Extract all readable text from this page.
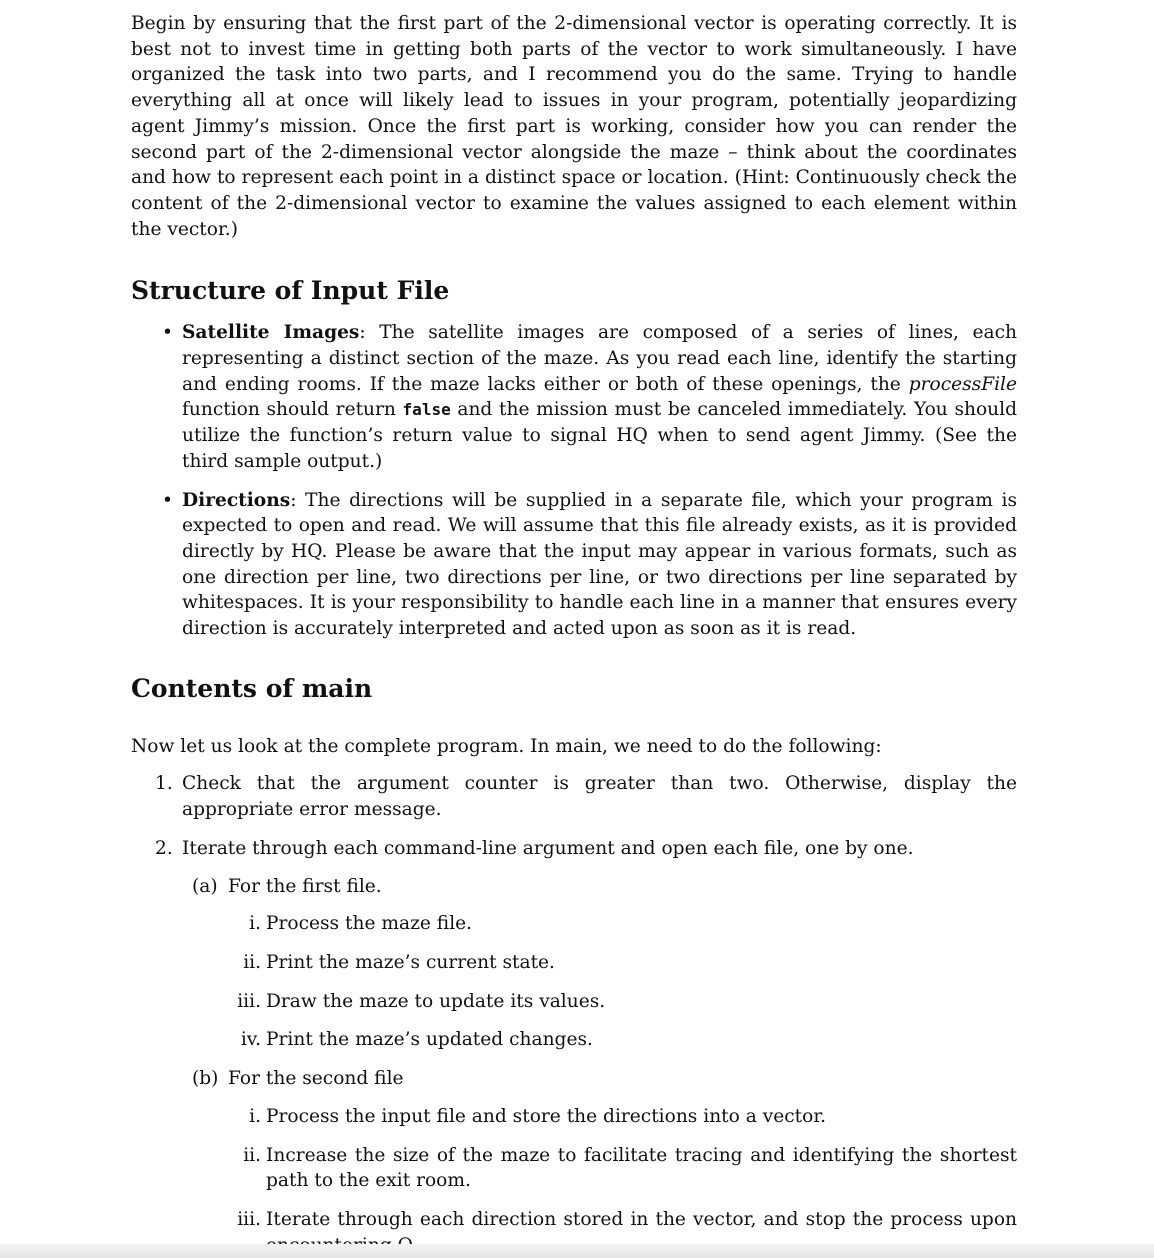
Begin by ensuring that the first part of the 2-dimensional vector is operating correctly. It is best not to invest time in getting both parts of the vector to work simultaneously. I have organized the task into two parts, and I recommend you do the same. Trying to handle everything all at once will likely lead to issues in your program, potentially jeopardizing agent Jimmy’s mission. Once the first part is working, consider how you can render the second part of the 2-dimensional vector alongside the maze – think about the coordinates and how to represent each point in a distinct space or location. (Hint: Continuously check the content of the 2-dimensional vector to examine the values assigned to each element within the vector.)

Structure of Input File
• Satellite Images: The satellite images are composed of a series of lines, each representing a distinct section of the maze. As you read each line, identify the starting and ending rooms. If the maze lacks either or both of these openings, the processFile function should return false and the mission must be canceled immediately. You should utilize the function’s return value to signal HQ when to send agent Jimmy. (See the third sample output.)
• Directions: The directions will be supplied in a separate file, which your program is expected to open and read. We will assume that this file already exists, as it is provided directly by HQ. Please be aware that the input may appear in various formats, such as one direction per line, two directions per line, or two directions per line separated by whitespaces. It is your responsibility to handle each line in a manner that ensures every direction is accurately interpreted and acted upon as soon as it is read.
Contents of main

Now let us look at the complete program. In main, we need to do the following:

1. Check that the argument counter is greater than two. Otherwise, display the appropriate error message.
2. Iterate through each command-line argument and open each file, one by one.
(a) For the first file.
i. Process the maze file.
ii. Print the maze’s current state.
iii. Draw the maze to update its values.
iv. Print the maze’s updated changes.
(b) For the second file
i. Process the input file and store the directions into a vector.
ii. Increase the size of the maze to facilitate tracing and identifying the shortest path to the exit room.
iii. Iterate through each direction stored in the vector, and stop the process upon
